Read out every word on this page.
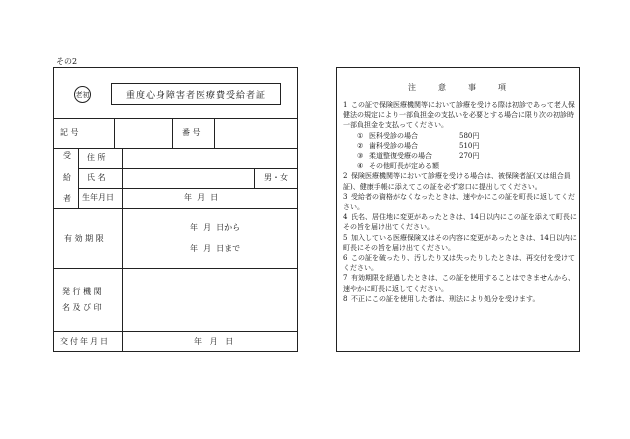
その2
老初	重度心身障害者医療費受給者証
記 号	番 号
受
給
者
住 所
氏 名	男・女
生年月日	年  月  日
有 効 期 限
年  月  日から
年  月  日まで
発 行 機 関
名 及 び 印
交付年月日	年   月   日
注	意	事	項

1 この証で保険医療機関等において診療を受ける際は初診であって老人保健法の規定により一部負担金の支払いを必要とする場合に限り次の初診時一部負担金を支払ってください。

① 医科受診の場合	580円
② 歯科受診の場合	510円
③ 柔道整復受療の場合	270円
④ その他町長が定める額

2 保険医療機関等において診療を受ける場合は、被保険者証(又は組合員証)、健康手帳に添えてこの証を必ず窓口に提出してください。

3 受給者の資格がなくなったときは、速やかにこの証を町長に返してください。

4 氏名、居住地に変更があったときは、14日以内にこの証を添えて町長にその旨を届け出てください。

5 加入している医療保険又はその内容に変更があったときは、14日以内に町長にその旨を届け出てください。

6 この証を破ったり、汚したり又は失ったりしたときは、再交付を受けてください。

7 有効期限を経過したときは、この証を使用することはできませんから、速やかに町長に返してください。

8 不正にこの証を使用した者は、刑法により処分を受けます。
